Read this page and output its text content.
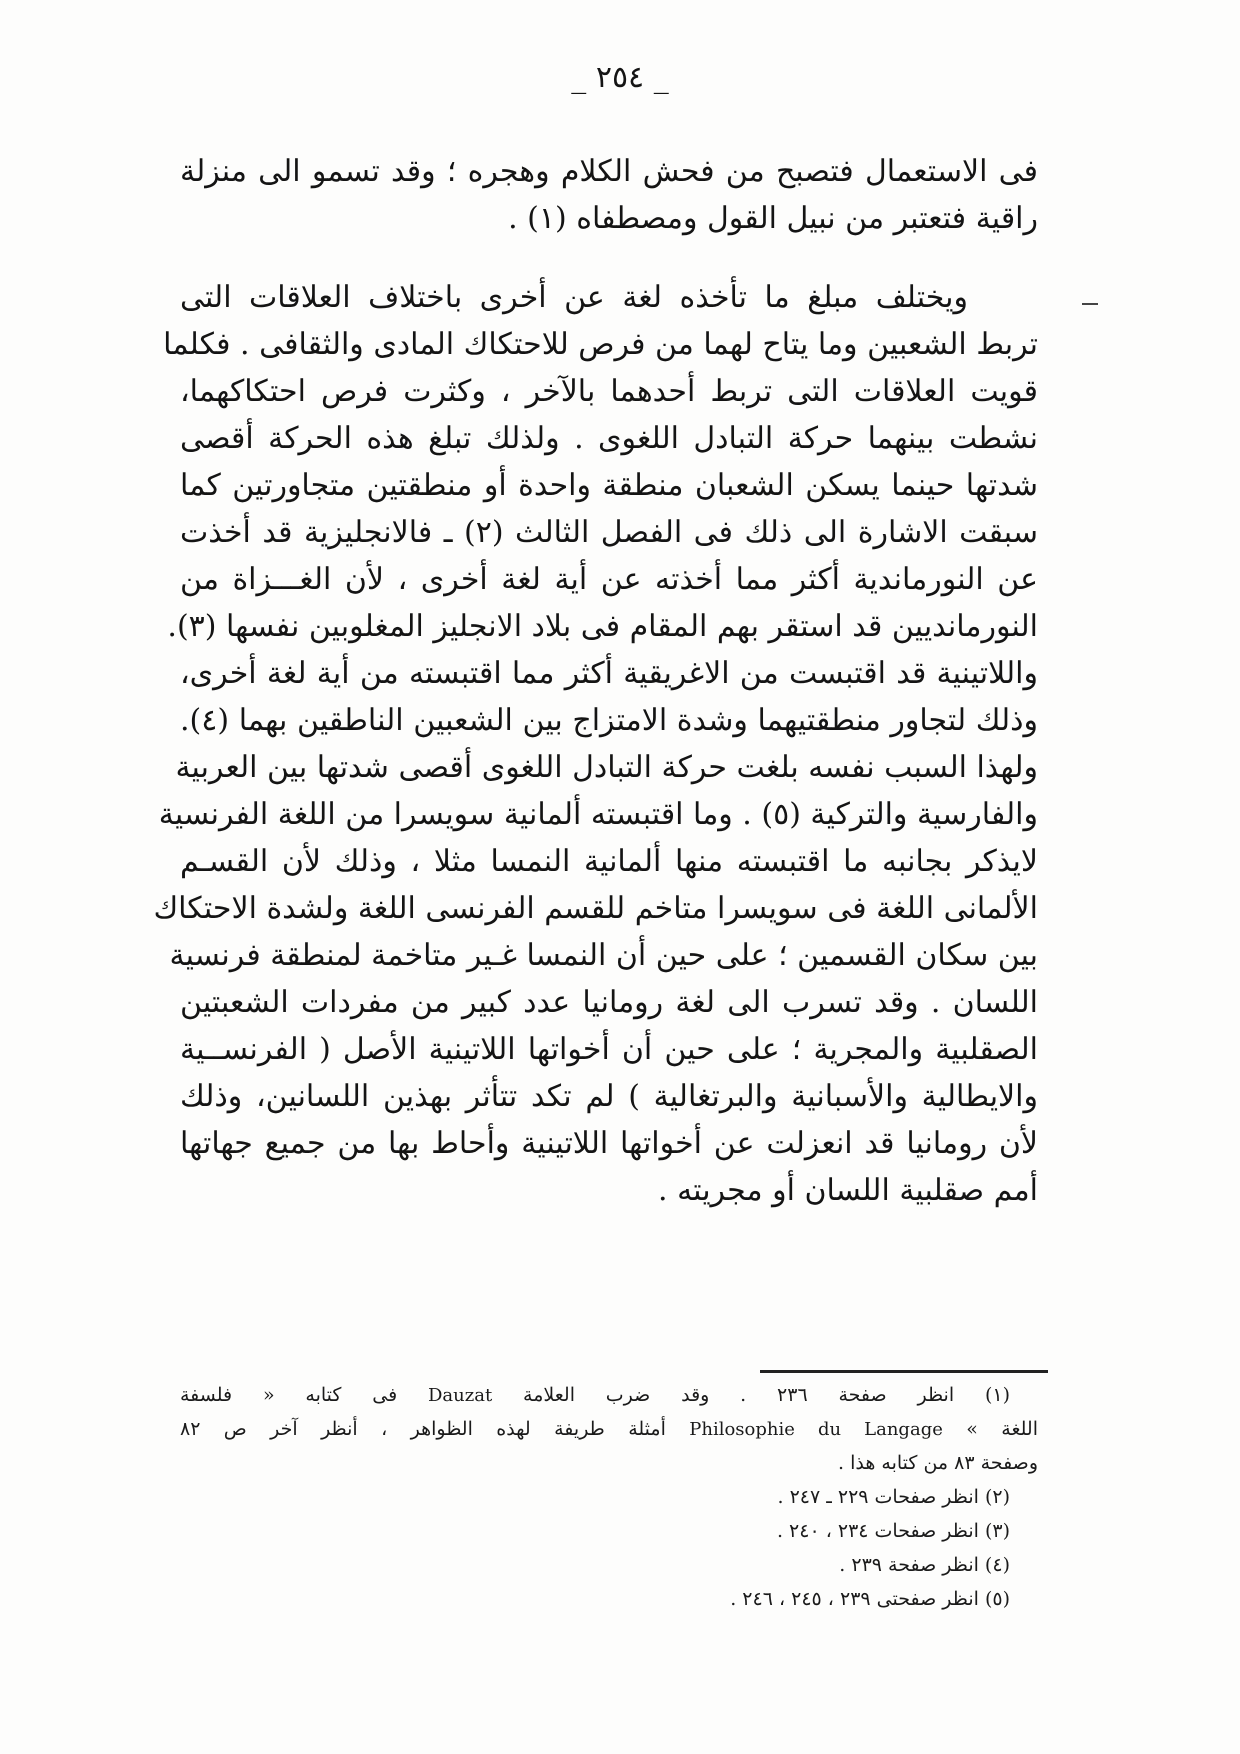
_ ٢٥٤ _
فى الاستعمال فتصبح من فحش الكلام وهجره ؛ وقد تسمو الى منزلة
راقية فتعتبر من نبيل القول ومصطفاه (١) .
ويختلف مبلغ ما تأخذه لغة عن أخرى باختلاف العلاقات التى
تربط الشعبين وما يتاح لهما من فرص للاحتكاك المادى والثقافى . فكلما
قويت العلاقات التى تربط أحدهما بالآخر ، وكثرت فرص احتكاكهما،
نشطت بينهما حركة التبادل اللغوى . ولذلك تبلغ هذه الحركة أقصى
شدتها حينما يسكن الشعبان منطقة واحدة أو منطقتين متجاورتين كما
سبقت الاشارة الى ذلك فى الفصل الثالث (٢) ـ فالانجليزية قد أخذت
عن النورماندية أكثر مما أخذته عن أية لغة أخرى ، لأن الغـــزاة من
النورمانديين قد استقر بهم المقام فى بلاد الانجليز المغلوبين نفسها (٣).
واللاتينية قد اقتبست من الاغريقية أكثر مما اقتبسته من أية لغة أخرى،
وذلك لتجاور منطقتيهما وشدة الامتزاج بين الشعبين الناطقين بهما (٤).
ولهذا السبب نفسه بلغت حركة التبادل اللغوى أقصى شدتها بين العربية
والفارسية والتركية (٥) . وما اقتبسته ألمانية سويسرا من اللغة الفرنسية
لايذكر بجانبه ما اقتبسته منها ألمانية النمسا مثلا ، وذلك لأن القسـم
الألمانى اللغة فى سويسرا متاخم للقسم الفرنسى اللغة ولشدة الاحتكاك
بين سكان القسمين ؛ على حين أن النمسا غـير متاخمة لمنطقة فرنسية
اللسان . وقد تسرب الى لغة رومانيا عدد كبير من مفردات الشعبتين
الصقلبية والمجرية ؛ على حين أن أخواتها اللاتينية الأصل ( الفرنســية
والايطالية والأسبانية والبرتغالية ) لم تكد تتأثر بهذين اللسانين، وذلك
لأن رومانيا قد انعزلت عن أخواتها اللاتينية وأحاط بها من جميع جهاتها
أمم صقلبية اللسان أو مجريته .
(١) انظر صفحة ٢٣٦ . وقد ضرب العلامة Dauzat فى كتابه « فلسفة
اللغة » Philosophie du Langage أمثلة طريفة لهذه الظواهر ، أنظر آخر ص ٨٢
وصفحة ٨٣ من كتابه هذا .
(٢) انظر صفحات ٢٢٩ ـ ٢٤٧ .
(٣) انظر صفحات ٢٣٤ ، ٢٤٠ .
(٤) انظر صفحة ٢٣٩ .
(٥) انظر صفحتى ٢٣٩ ، ٢٤٥ ، ٢٤٦ .
